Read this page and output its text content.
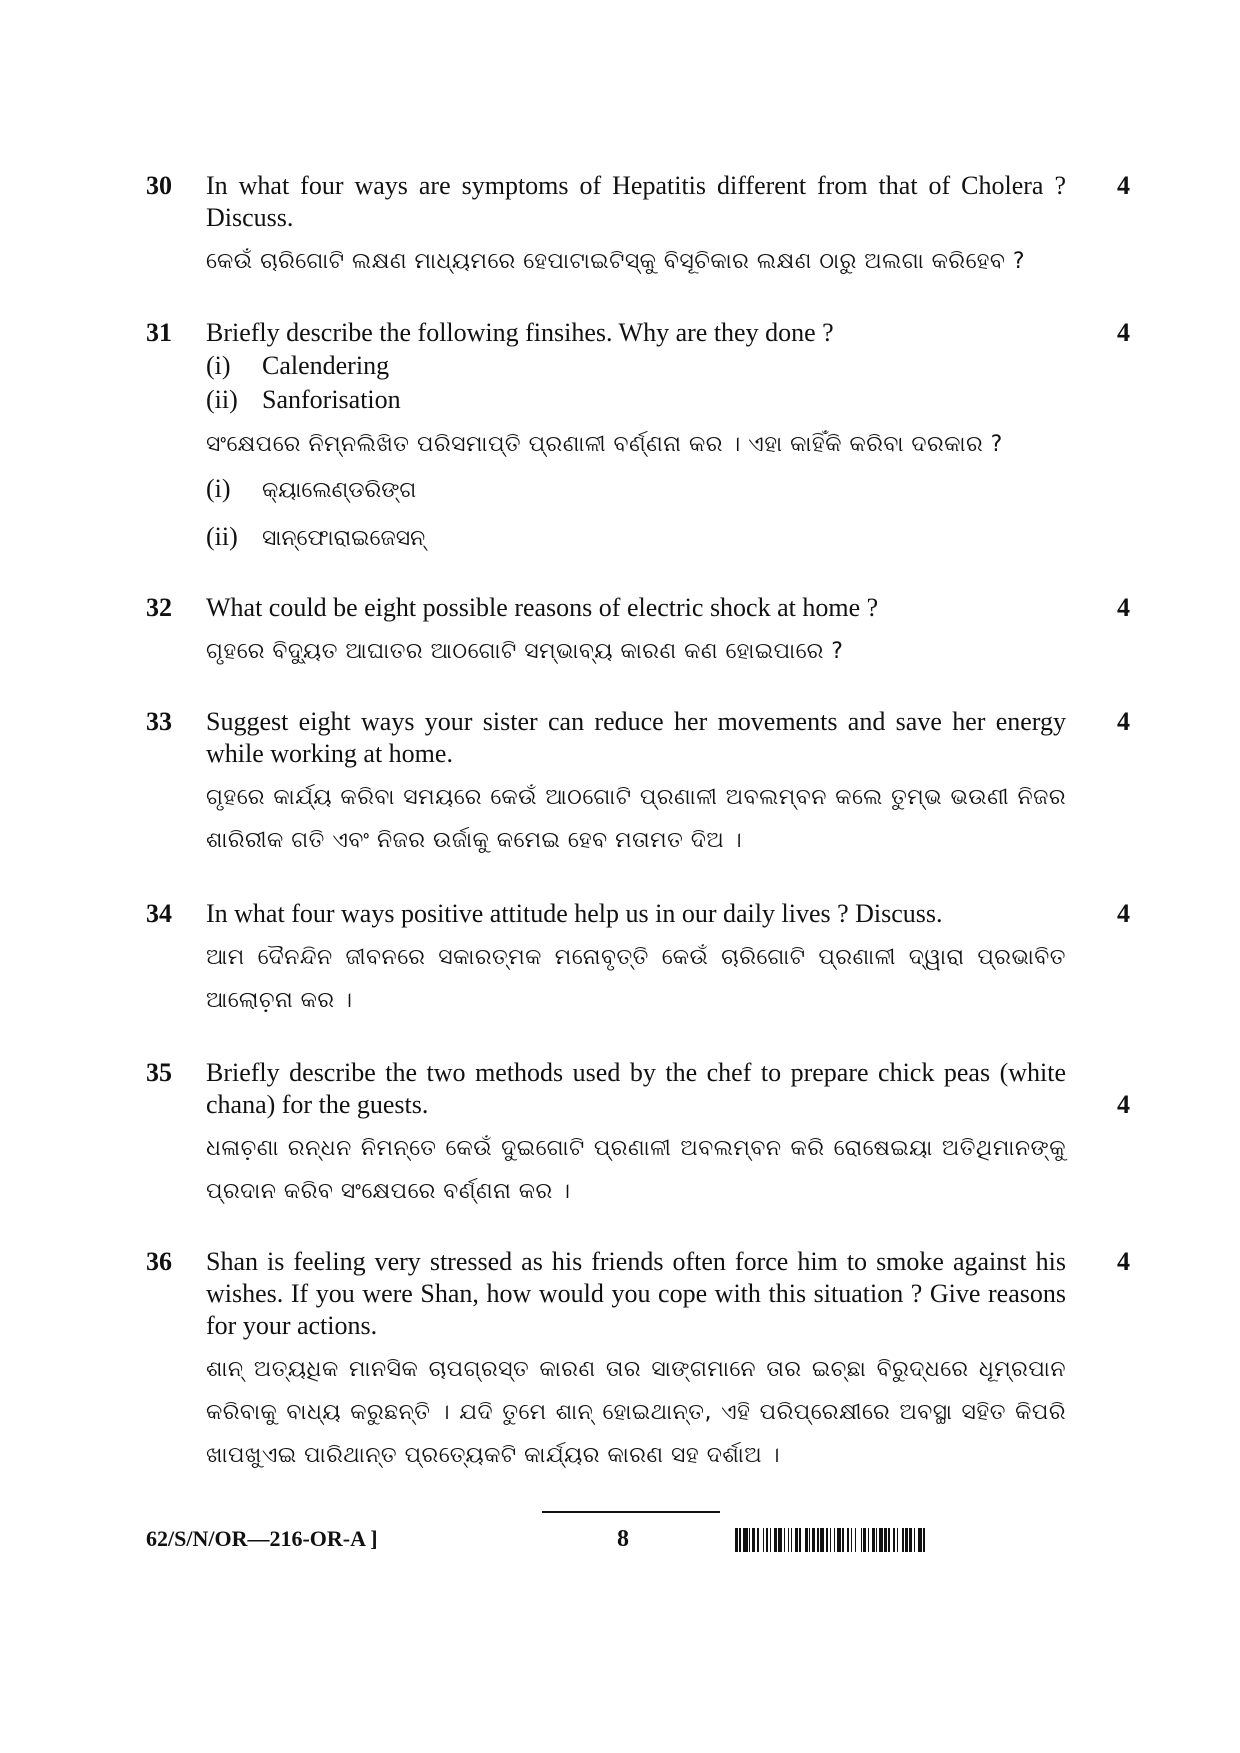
30 In what four ways are symptoms of Hepatitis different from that of Cholera ? Discuss.
କେଉଁ ଚାରିଗୋଟି ଲକ୍ଷଣ ମାଧ୍ୟମରେ ହେପାଟାଇଟିସ୍‌କୁ ବିସୂଚିକାର ଲକ୍ଷଣ ଠାରୁ ଅଲଗା କରିହେବ ?
4
31 Briefly describe the following finsihes. Why are they done ?
(i) Calendering
(ii) Sanforisation
ସଂକ୍ଷେପରେ ନିମ୍ନଲିଖିତ ପରିସମାପ୍ତି ପ୍ରଣାଳୀ ବର୍ଣ୍ଣନା କର । ଏହା କାହିଁକି କରିବା ଦରକାର ?
(i) କ୍ୟାଲେଣ୍ଡରିଙ୍ଗ
(ii) ସାନ୍‌ଫୋରାଇଜେସନ୍
4
32 What could be eight possible reasons of electric shock at home ?
ଗୃହରେ ବିଦ୍ୟୁତ ଆଘାତର ଆଠଗୋଟି ସମ୍ଭାବ୍ୟ କାରଣ କଣ ହୋଇପାରେ ?
4
33 Suggest eight ways your sister can reduce her movements and save her energy while working at home.
ଗୃହରେ କାର୍ଯ୍ୟ କରିବା ସମୟରେ କେଉଁ ଆଠଗୋଟି ପ୍ରଣାଳୀ ଅବଲମ୍ବନ କଲେ ତୁମ୍ଭ ଭଉଣୀ ନିଜର ଶାରିରୀକ ଗତି ଏବଂ ନିଜର ଉର୍ଜାକୁ କମେଇ ହେବ ମତାମତ ଦିଅ ।
4
34 In what four ways positive attitude help us in our daily lives ? Discuss.
ଆମ ଦୈନନ୍ଦିନ ଜୀବନରେ ସକାରତ୍ମକ ମନୋବୃତ୍ତି କେଉଁ ଚାରିଗୋଟି ପ୍ରଣାଳୀ ଦ୍ୱାରା ପ୍ରଭାବିତ ଆଲୋଚ଼ନା କର ।
4
35 Briefly describe the two methods used by the chef to prepare chick peas (white chana) for the guests.
ଧଳାଚ଼ଣା ରନ୍ଧନ ନିମନ୍ତେ କେଉଁ ଦୁଇଗୋଟି ପ୍ରଣାଳୀ ଅବଲମ୍ବନ କରି ରୋଷେଇୟା ଅତିଥିମାନଙ୍କୁ ପ୍ରଦାନ କରିବ ସଂକ୍ଷେପରେ ବର୍ଣ୍ଣନା କର ।
4
36 Shan is feeling very stressed as his friends often force him to smoke against his wishes. If you were Shan, how would you cope with this situation ? Give reasons for your actions.
ଶାନ୍ ଅତ୍ୟଧିକ ମାନସିକ ଚାପଗ୍ରସ୍ତ କାରଣ ତାର ସାଙ୍ଗମାନେ ତାର ଇଚ୍ଛା ବିରୁଦ୍ଧରେ ଧୂମ୍ରପାନ କରିବାକୁ ବାଧ୍ୟ କରୁଛନ୍ତି । ଯଦି ତୁମେ ଶାନ୍ ହୋଇଥାନ୍ତ, ଏହି ପରିପ୍ରେକ୍ଷୀରେ ଅବସ୍ଥା ସହିତ କିପରି ଖାପଖୁଏଇ ପାରିଥାନ୍ତ ପ୍ରତ୍ୟେକଟି କାର୍ଯ୍ୟର କାରଣ ସହ ଦର୍ଶାଅ ।
4
62/S/N/OR—216-OR-A ]	8
